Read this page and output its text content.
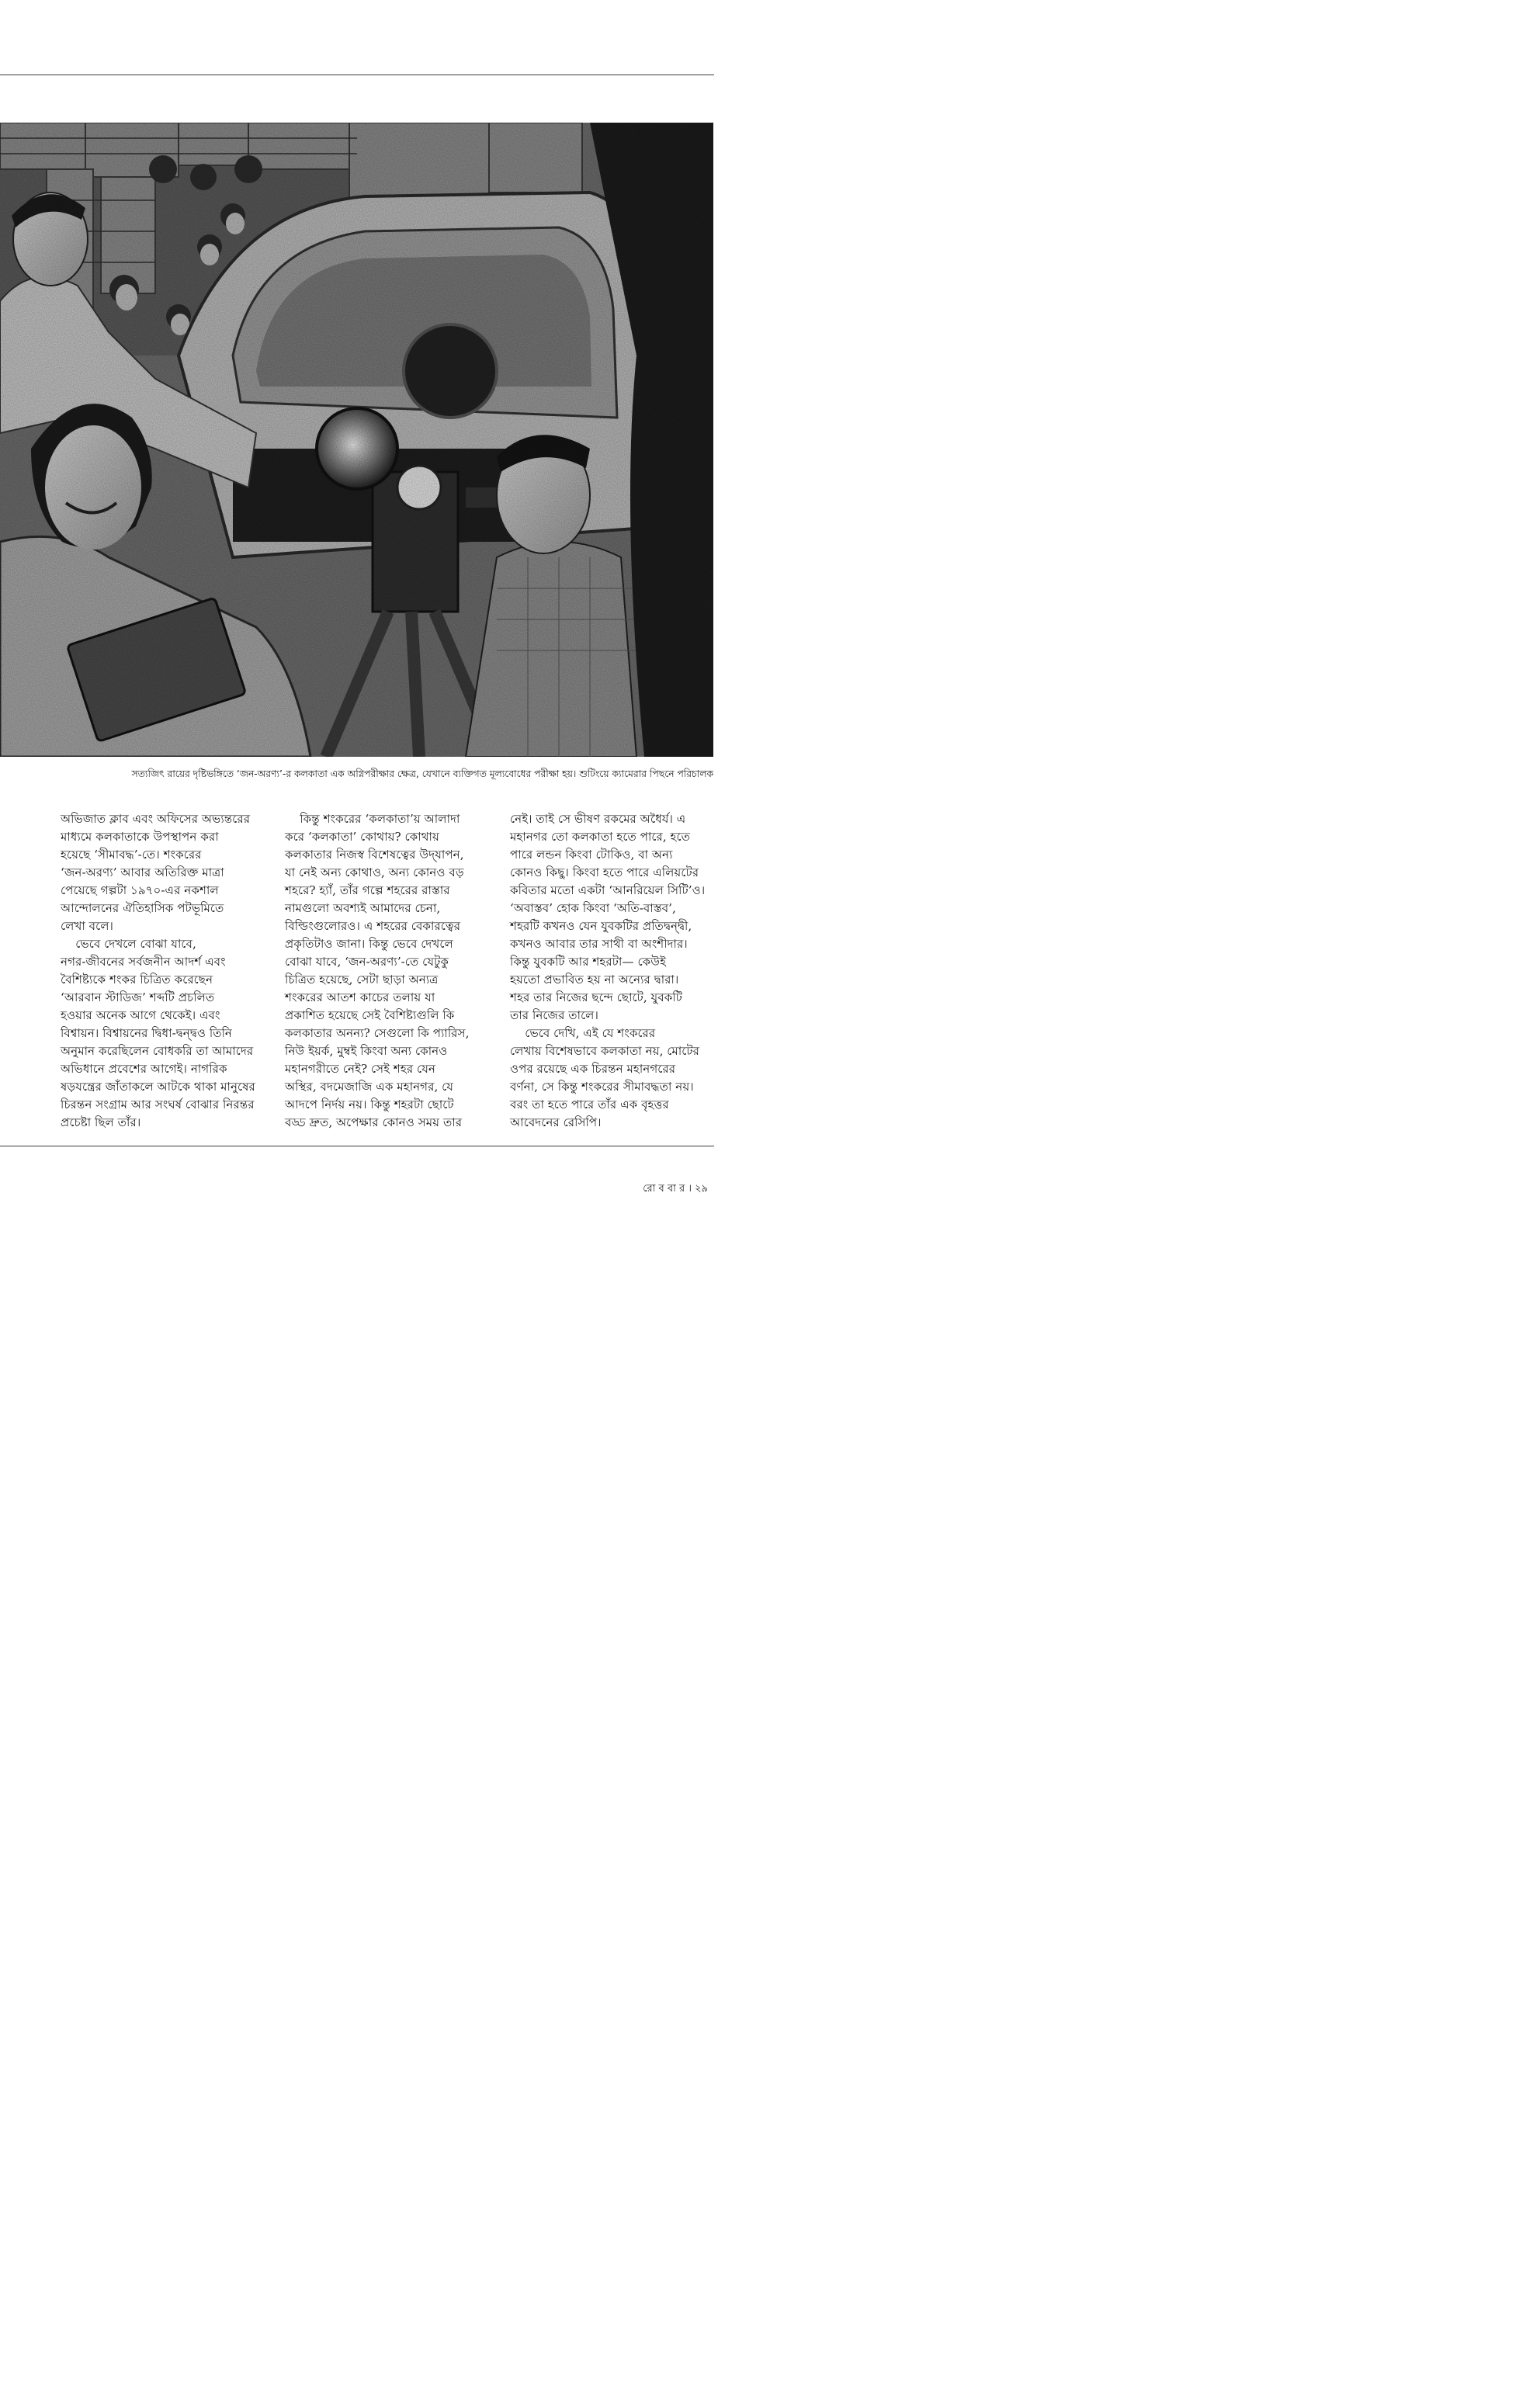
সত্যজিৎ রায়ের দৃষ্টিভঙ্গিতে ‘জন-অরণ্য’-র কলকাতা এক অগ্নিপরীক্ষার ক্ষেত্র, যেখানে ব্যক্তিগত মূল্যবোধের পরীক্ষা হয়। শুটিংয়ে ক্যামেরার পিছনে পরিচালক

অভিজাত ক্লাব এবং অফিসের অভ্যন্তরের

মাধ্যমে কলকাতাকে উপস্থাপন করা

হয়েছে ‘সীমাবদ্ধ’-তে। শংকরের

‘জন-অরণ্য’ আবার অতিরিক্ত মাত্রা

পেয়েছে গল্পটা ১৯৭০-এর নকশাল

আন্দোলনের ঐতিহাসিক পটভূমিতে

লেখা বলে।

ভেবে দেখলে বোঝা যাবে,

নগর-জীবনের সর্বজনীন আদর্শ এবং

বৈশিষ্ট্যকে শংকর চিত্রিত করেছেন

‘আরবান স্টাডিজ’ শব্দটি প্রচলিত

হওয়ার অনেক আগে থেকেই। এবং

বিশ্বায়ন। বিশ্বায়নের দ্বিধা-দ্বন্দ্বও তিনি

অনুমান করেছিলেন বোধকরি তা আমাদের

অভিধানে প্রবেশের আগেই। নাগরিক

ষড়যন্ত্রের জাঁতাকলে আটকে থাকা মানুষের

চিরন্তন সংগ্রাম আর সংঘর্ষ বোঝার নিরন্তর

প্রচেষ্টা ছিল তাঁর।

কিন্তু শংকরের ‘কলকাতা’য় আলাদা

করে ‘কলকাতা’ কোথায়? কোথায়

কলকাতার নিজস্ব বিশেষত্বের উদ্‌যাপন,

যা নেই অন্য কোথাও, অন্য কোনও বড়

শহরে? হ্যাঁ, তাঁর গল্পে শহরের রাস্তার

নামগুলো অবশ্যই আমাদের চেনা,

বিল্ডিংগুলোরও। এ শহরের বেকারত্বের

প্রকৃতিটাও জানা। কিন্তু ভেবে দেখলে

বোঝা যাবে, ‘জন-অরণ্য’-তে যেটুকু

চিত্রিত হয়েছে, সেটা ছাড়া অন্যত্র

শংকরের আতশ কাচের তলায় যা

প্রকাশিত হয়েছে সেই বৈশিষ্ট্যগুলি কি

কলকাতার অনন্য? সেগুলো কি প্যারিস,

নিউ ইয়র্ক, মুম্বই কিংবা অন্য কোনও

মহানগরীতে নেই? সেই শহর যেন

অস্থির, বদমেজাজি এক মহানগর, যে

আদপে নির্দয় নয়। কিন্তু শহরটা ছোটে

বড্ড দ্রুত, অপেক্ষার কোনও সময় তার

নেই। তাই সে ভীষণ রকমের অধৈর্য। এ

মহানগর তো কলকাতা হতে পারে, হতে

পারে লন্ডন কিংবা টোকিও, বা অন্য

কোনও কিছু। কিংবা হতে পারে এলিয়টের

কবিতার মতো একটা ‘আনরিয়েল সিটি’ও।

‘অবাস্তব’ হোক কিংবা ‘অতি-বাস্তব’,

শহরটি কখনও যেন যুবকটির প্রতিদ্বন্দ্বী,

কখনও আবার তার সাথী বা অংশীদার।

কিন্তু যুবকটি আর শহরটা— কেউই

হয়তো প্রভাবিত হয় না অন্যের দ্বারা।

শহর তার নিজের ছন্দে ছোটে, যুবকটি

তার নিজের তালে।

ভেবে দেখি, এই যে শংকরের

লেখায় বিশেষভাবে কলকাতা নয়, মোটের

ওপর রয়েছে এক চিরন্তন মহানগরের

বর্ণনা, সে কিন্তু শংকরের সীমাবদ্ধতা নয়।

বরং তা হতে পারে তাঁর এক বৃহত্তর

আবেদনের রেসিপি।

রো ব বা র । ২৯
